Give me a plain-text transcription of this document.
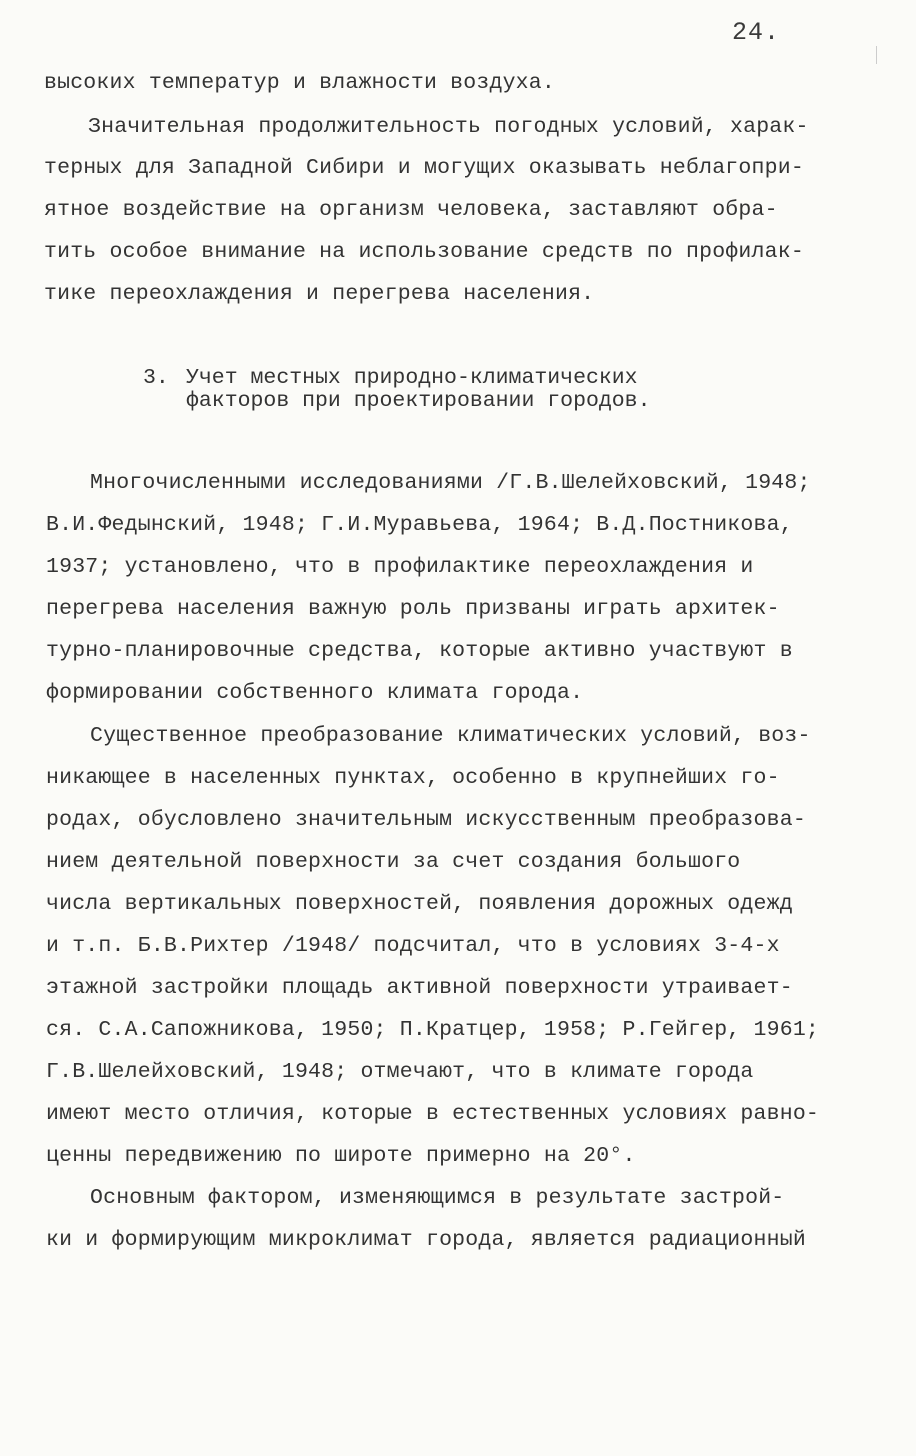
24.
высоких температур и влажности воздуха.
Значительная продолжительность погодных условий, харак-
терных для Западной Сибири и могущих оказывать неблагопри-
ятное воздействие на организм человека, заставляют обра-
тить особое внимание на использование средств по профилак-
тике переохлаждения и перегрева населения.
3. Учет местных природно-климатических
факторов при проектировании городов.
Многочисленными исследованиями /Г.В.Шелейховский, 1948;
В.И.Федынский, 1948; Г.И.Муравьева, 1964; В.Д.Постникова,
1937; установлено, что в профилактике переохлаждения и
перегрева населения важную роль призваны играть архитек-
турно-планировочные средства, которые активно участвуют в
формировании собственного климата города.
Существенное преобразование климатических условий, воз-
никающее в населенных пунктах, особенно в крупнейших го-
родах, обусловлено значительным искусственным преобразова-
нием деятельной поверхности за счет создания большого
числа вертикальных поверхностей, появления дорожных одежд
и т.п. Б.В.Рихтер /1948/ подсчитал, что в условиях 3-4-х
этажной застройки площадь активной поверхности утраивает-
ся. С.А.Сапожникова, 1950; П.Кратцер, 1958; Р.Гейгер, 1961;
Г.В.Шелейховский, 1948; отмечают, что в климате города
имеют место отличия, которые в естественных условиях равно-
ценны передвижению по широте примерно на 20°.
Основным фактором, изменяющимся в результате застрой-
ки и формирующим микроклимат города, является радиационный
